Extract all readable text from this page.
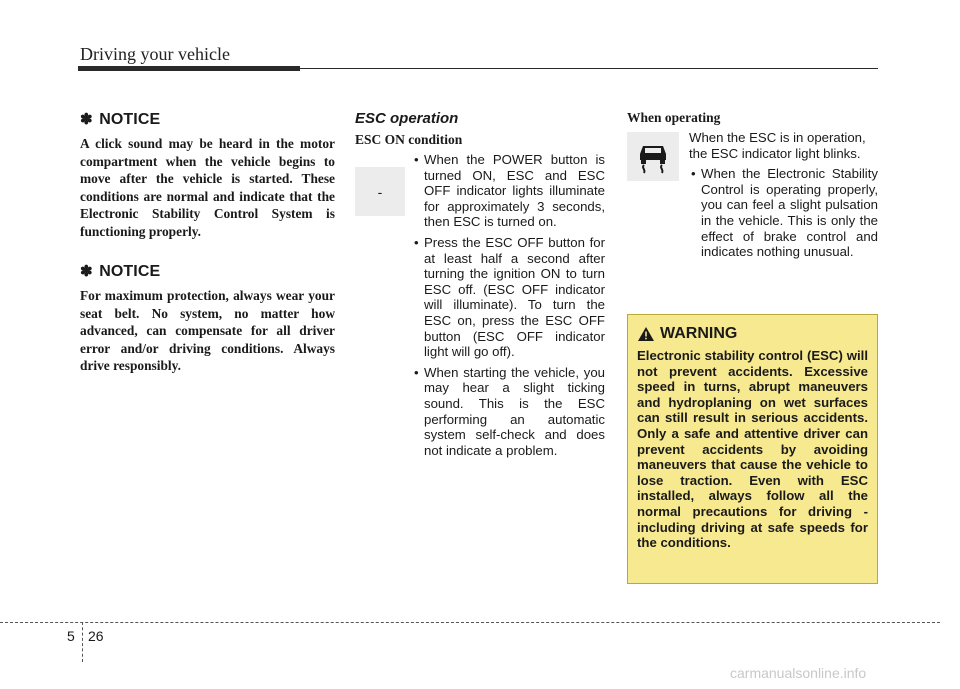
Driving your vehicle

✽ NOTICE

A click sound may be heard in the motor compartment when the vehicle begins to move after the vehicle is started. These conditions are normal and indicate that the Electronic Stability Control System is functioning properly.

✽ NOTICE

For maximum protection, always wear your seat belt. No system, no matter how advanced, can compensate for all driver error and/or driving conditions. Always drive responsibly.

ESC operation

ESC ON condition

-
• When the POWER button is turned ON, ESC and ESC OFF indicator lights illuminate for approximately 3 seconds, then ESC is turned on.
• Press the ESC OFF button for at least half a second after turning the ignition ON to turn ESC off. (ESC OFF indicator will illuminate). To turn the ESC on, press the ESC OFF button (ESC OFF indicator light will go off).
• When starting the vehicle, you may hear a slight ticking sound. This is the ESC performing an automatic system self-check and does not indicate a problem.

When operating

When the ESC is in operation, the ESC indicator light blinks.

• When the Electronic Stability Control is operating properly, you can feel a slight pulsation in the vehicle. This is only the effect of brake control and indicates nothing unusual.

WARNING

Electronic stability control (ESC) will not prevent accidents. Excessive speed in turns, abrupt maneuvers and hydroplaning on wet surfaces can still result in serious accidents. Only a safe and attentive driver can prevent accidents by avoiding maneuvers that cause the vehicle to lose traction. Even with ESC installed, always follow all the normal precautions for driving - including driving at safe speeds for the conditions.

5 26
carmanualsonline.info
